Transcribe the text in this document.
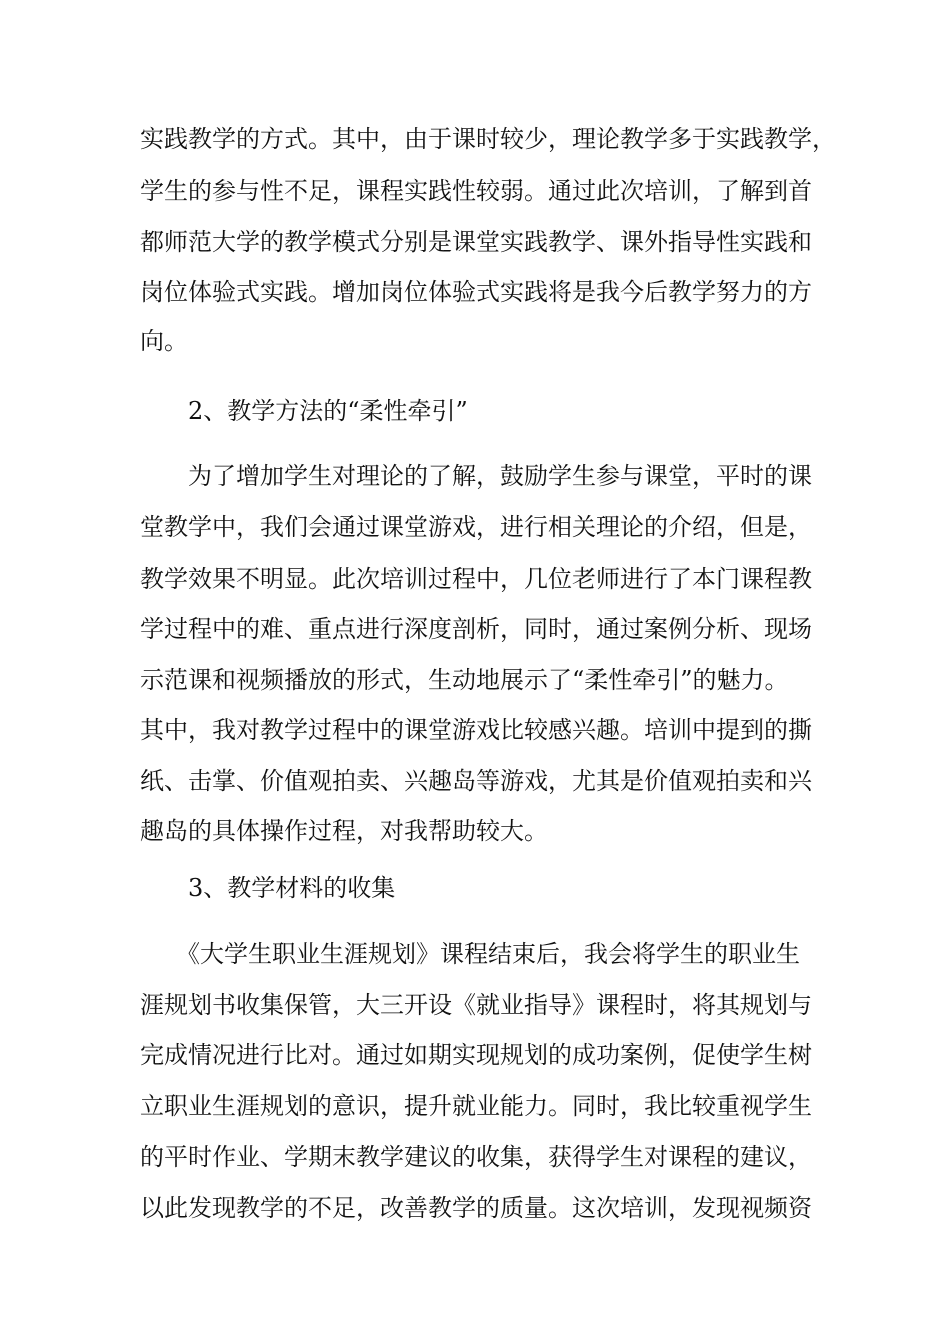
实践教学的方式。其中，由于课时较少，理论教学多于实践教学，
学生的参与性不足，课程实践性较弱。通过此次培训，了解到首
都师范大学的教学模式分别是课堂实践教学、课外指导性实践和
岗位体验式实践。增加岗位体验式实践将是我今后教学努力的方
向。
2、教学方法的“柔性牵引”
　　为了增加学生对理论的了解，鼓励学生参与课堂，平时的课
堂教学中，我们会通过课堂游戏，进行相关理论的介绍，但是，
教学效果不明显。此次培训过程中，几位老师进行了本门课程教
学过程中的难、重点进行深度剖析，同时，通过案例分析、现场
示范课和视频播放的形式，生动地展示了“柔性牵引”的魅力。
其中，我对教学过程中的课堂游戏比较感兴趣。培训中提到的撕
纸、击掌、价值观拍卖、兴趣岛等游戏，尤其是价值观拍卖和兴
趣岛的具体操作过程，对我帮助较大。
3、教学材料的收集
　　《大学生职业生涯规划》课程结束后，我会将学生的职业生
涯规划书收集保管，大三开设《就业指导》课程时，将其规划与
完成情况进行比对。通过如期实现规划的成功案例，促使学生树
立职业生涯规划的意识，提升就业能力。同时，我比较重视学生
的平时作业、学期末教学建议的收集，获得学生对课程的建议，
以此发现教学的不足，改善教学的质量。这次培训，发现视频资
